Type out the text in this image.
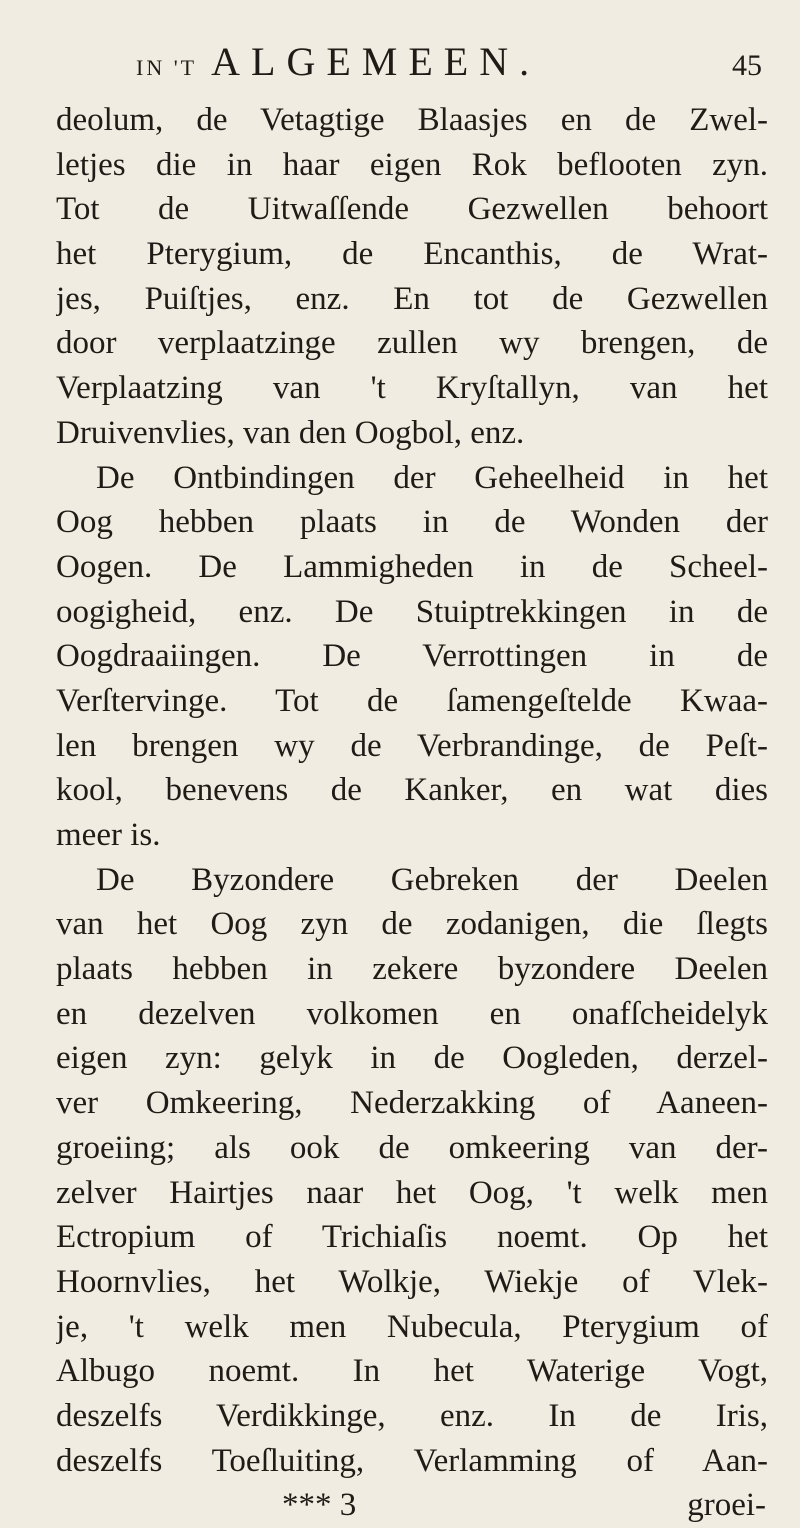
IN 'T ALGEMEEN.	45
deolum, de Vetagtige Blaasjes en de Zwel-
letjes die in haar eigen Rok beflooten zyn.
Tot de Uitwaſſende Gezwellen behoort
het Pterygium, de Encanthis, de Wrat-
jes, Puiſtjes, enz. En tot de Gezwellen
door verplaatzinge zullen wy brengen, de
Verplaatzing van 't Kryſtallyn, van het
Druivenvlies, van den Oogbol, enz.
De Ontbindingen der Geheelheid in het
Oog hebben plaats in de Wonden der
Oogen. De Lammigheden in de Scheel-
oogigheid, enz. De Stuiptrekkingen in de
Oogdraaiingen. De Verrottingen in de
Verſtervinge. Tot de ſamengeſtelde Kwaa-
len brengen wy de Verbrandinge, de Peſt-
kool, benevens de Kanker, en wat dies
meer is.
De Byzondere Gebreken der Deelen
van het Oog zyn de zodanigen, die ſlegts
plaats hebben in zekere byzondere Deelen
en dezelven volkomen en onafſcheidelyk
eigen zyn: gelyk in de Oogleden, derzel-
ver Omkeering, Nederzakking of Aaneen-
groeiing; als ook de omkeering van der-
zelver Hairtjes naar het Oog, 't welk men
Ectropium of Trichiaſis noemt. Op het
Hoornvlies, het Wolkje, Wiekje of Vlek-
je, 't welk men Nubecula, Pterygium of
Albugo noemt. In het Waterige Vogt,
deszelfs Verdikkinge, enz. In de Iris,
deszelfs Toeſluiting, Verlamming of Aan-
*** 3	groei-
